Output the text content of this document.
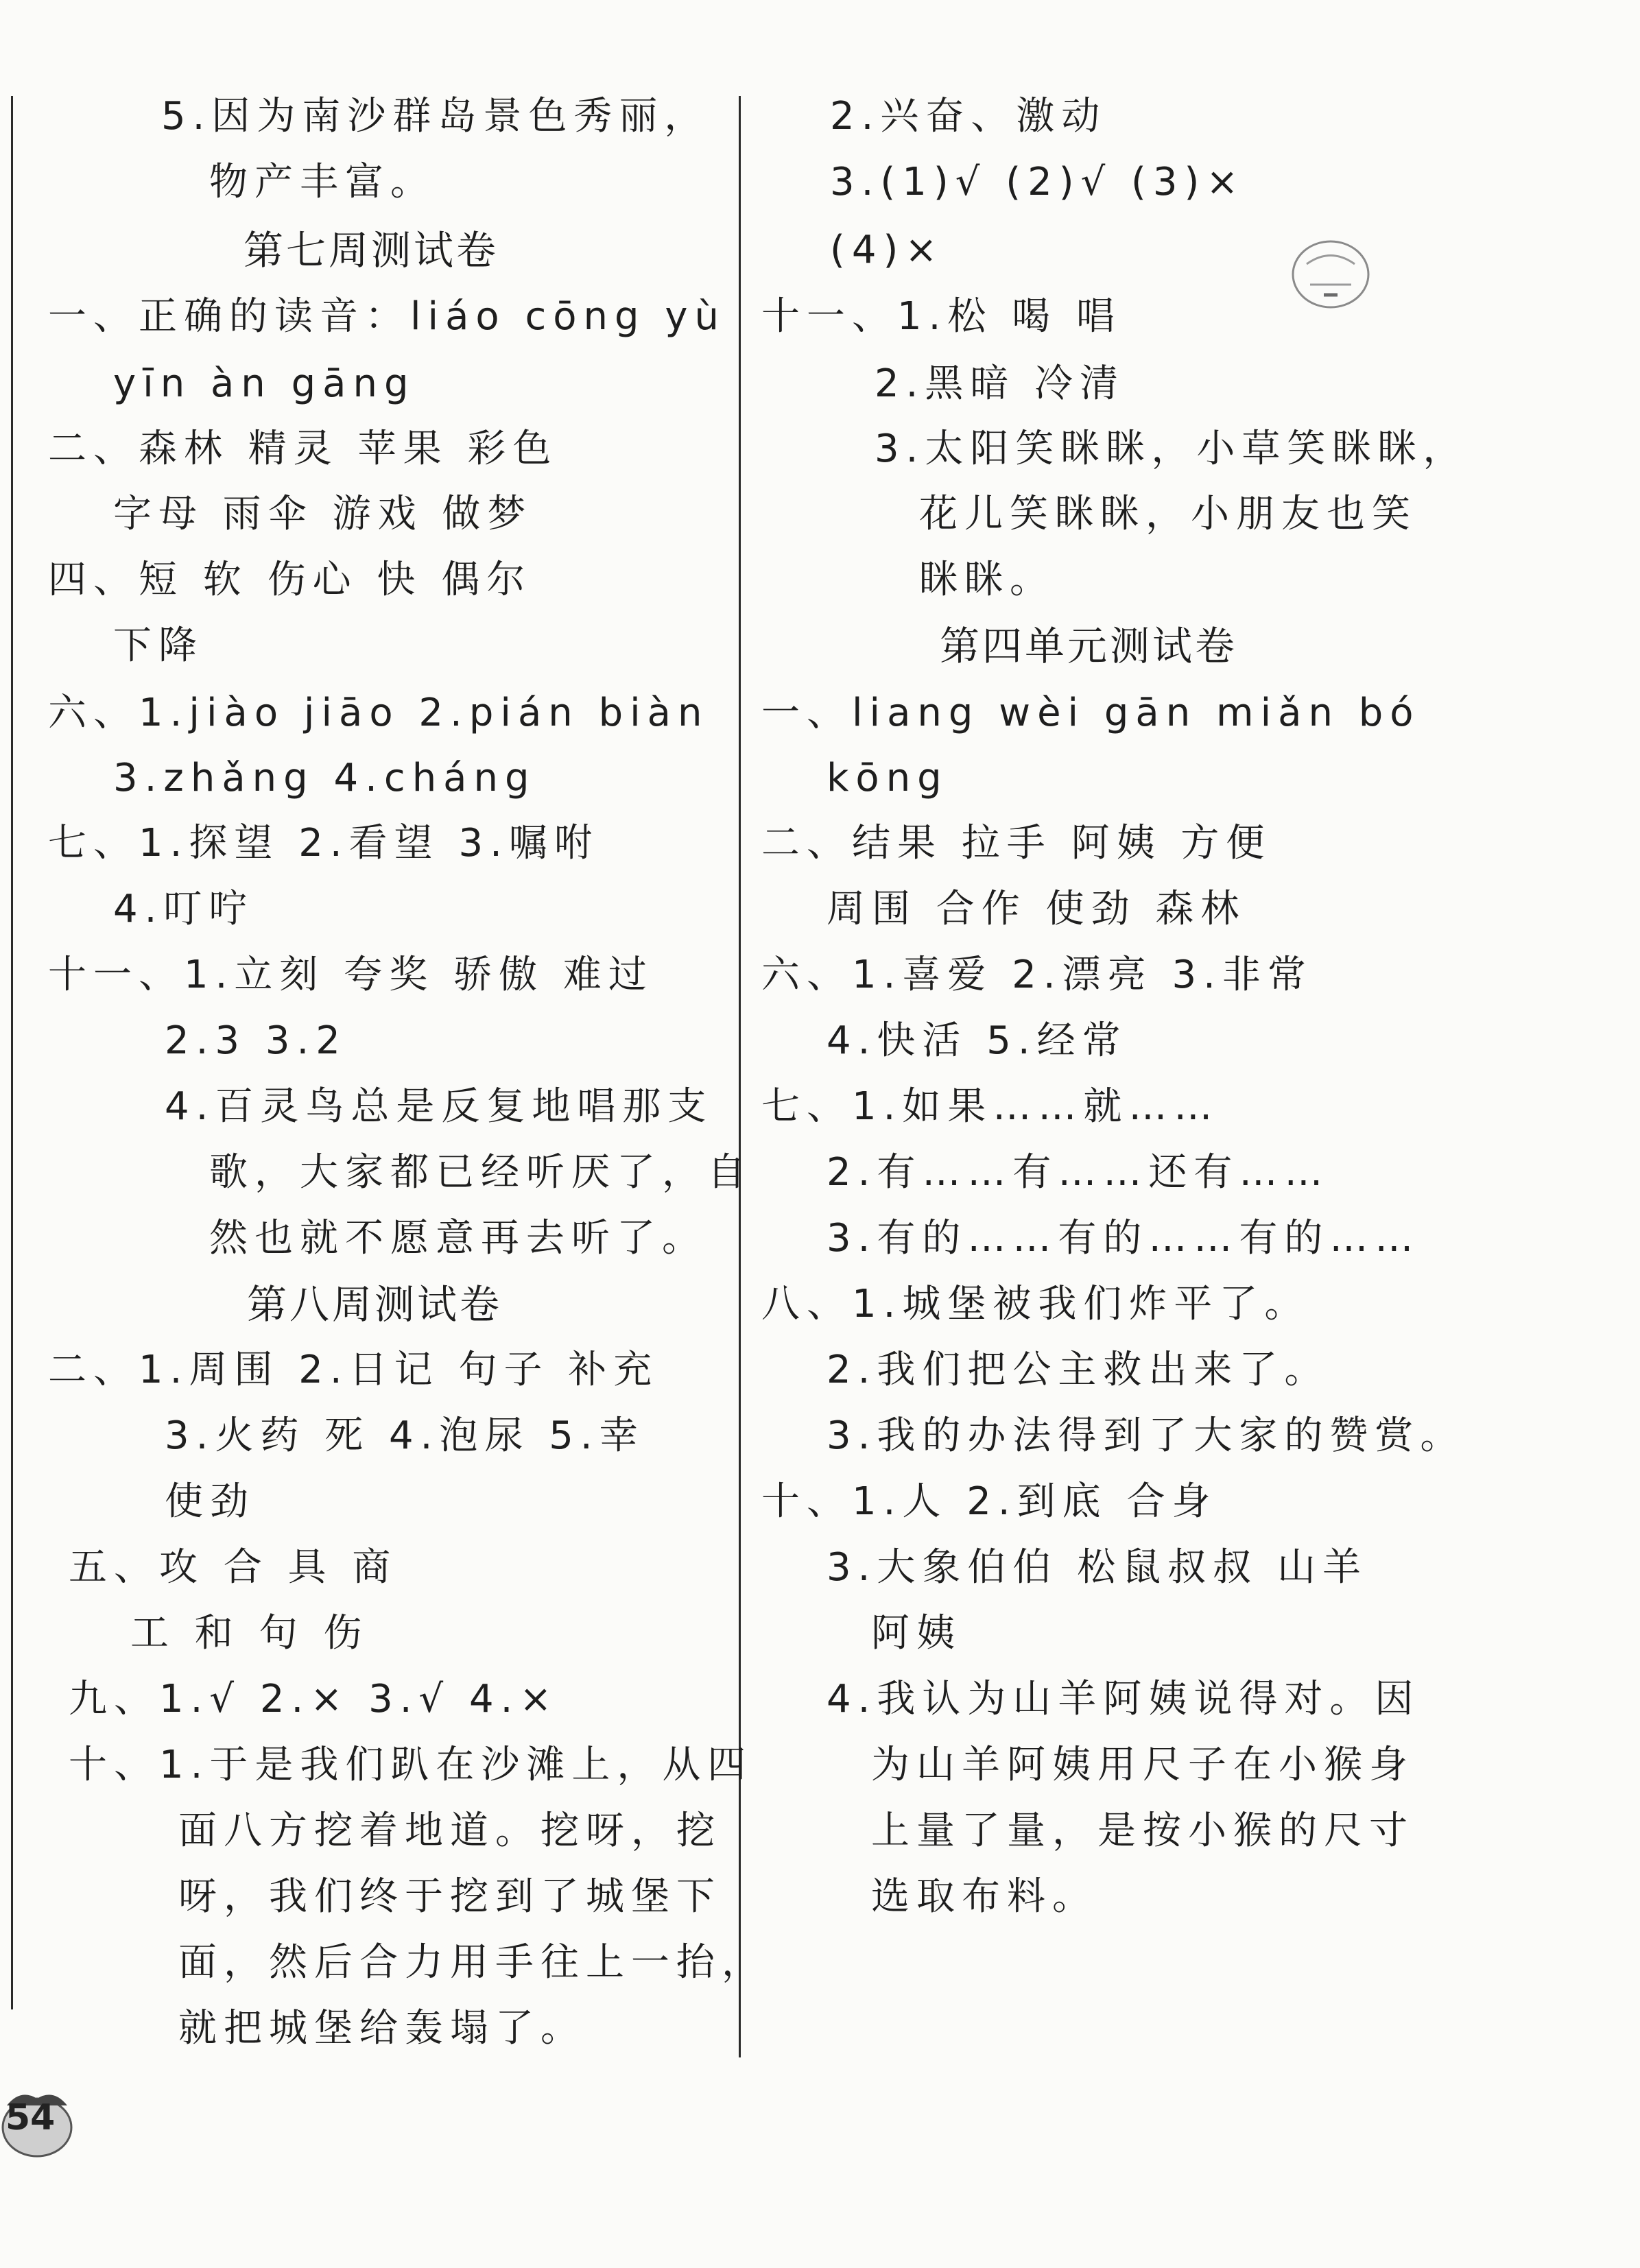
5.因为南沙群岛景色秀丽，
物产丰富。
第七周测试卷
一、正确的读音：liáo cōng yù
yīn àn gāng
二、森林 精灵 苹果 彩色
字母 雨伞 游戏 做梦
四、短 软 伤心 快 偶尔
下降
六、1.jiào jiāo 2.pián biàn
3.zhǎng 4.cháng
七、1.探望 2.看望 3.嘱咐
4.叮咛
十一、1.立刻 夸奖 骄傲 难过
2.3 3.2
4.百灵鸟总是反复地唱那支
歌，大家都已经听厌了，自
然也就不愿意再去听了。
第八周测试卷
二、1.周围 2.日记 句子 补充
3.火药 死 4.泡尿 5.幸
使劲
五、攻 合 具 商
工 和 句 伤
九、1.√ 2.× 3.√ 4.×
十、1.于是我们趴在沙滩上，从四
面八方挖着地道。挖呀，挖
呀，我们终于挖到了城堡下
面，然后合力用手往上一抬，
就把城堡给轰塌了。
2.兴奋、激动
3.(1)√ (2)√ (3)×
(4)×
十一、1.松 喝 唱
2.黑暗 冷清
3.太阳笑眯眯，小草笑眯眯，
花儿笑眯眯，小朋友也笑
眯眯。
第四单元测试卷
一、liang wèi gān miǎn bó
kōng
二、结果 拉手 阿姨 方便
周围 合作 使劲 森林
六、1.喜爱 2.漂亮 3.非常
4.快活 5.经常
七、1.如果……就……
2.有……有……还有……
3.有的……有的……有的……
八、1.城堡被我们炸平了。
2.我们把公主救出来了。
3.我的办法得到了大家的赞赏。
十、1.人 2.到底 合身
3.大象伯伯 松鼠叔叔 山羊
阿姨
4.我认为山羊阿姨说得对。因
为山羊阿姨用尺子在小猴身
上量了量，是按小猴的尺寸
选取布料。
54
